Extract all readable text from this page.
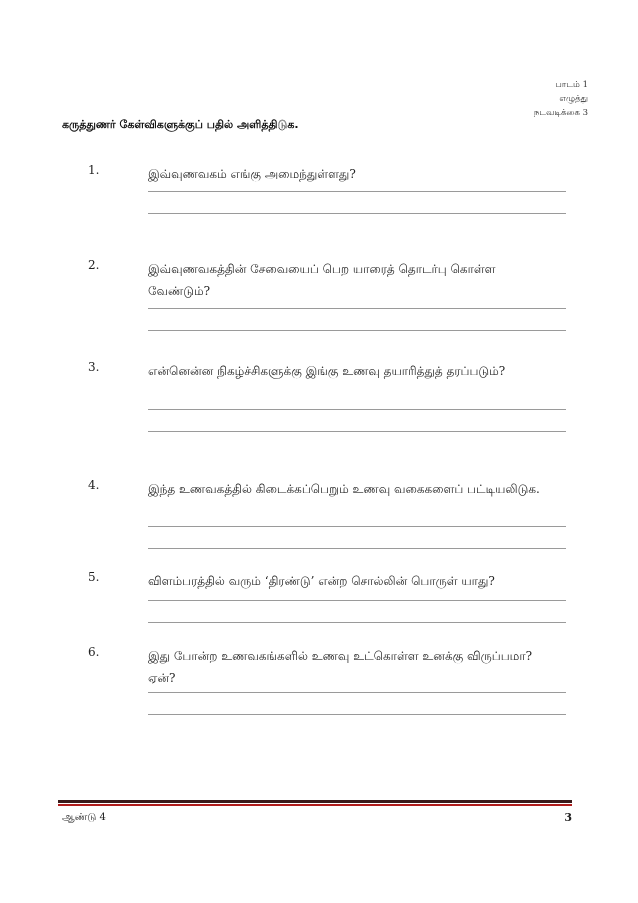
பாடம் 1
எழுத்து
நடவடிக்கை 3
கருத்துணர் கேள்விகளுக்குப் பதில் அளித்திடுக.
1.	இவ்வுணவகம் எங்கு அமைந்துள்ளது?
2.	இவ்வுணவகத்தின் சேவையைப் பெற யாரைத் தொடர்பு கொள்ள வேண்டும்?
3.	என்னென்ன நிகழ்ச்சிகளுக்கு இங்கு உணவு தயாரித்துத் தரப்படும்?
4.	இந்த உணவகத்தில் கிடைக்கப்பெறும் உணவு வகைகளைப் பட்டியலிடுக.
5.	விளம்பரத்தில் வரும் ‘திரண்டு’ என்ற சொல்லின் பொருள் யாது?
6.	இது போன்ற உணவகங்களில் உணவு உட்கொள்ள உனக்கு விருப்பமா? ஏன்?
ஆண்டு 4	3
